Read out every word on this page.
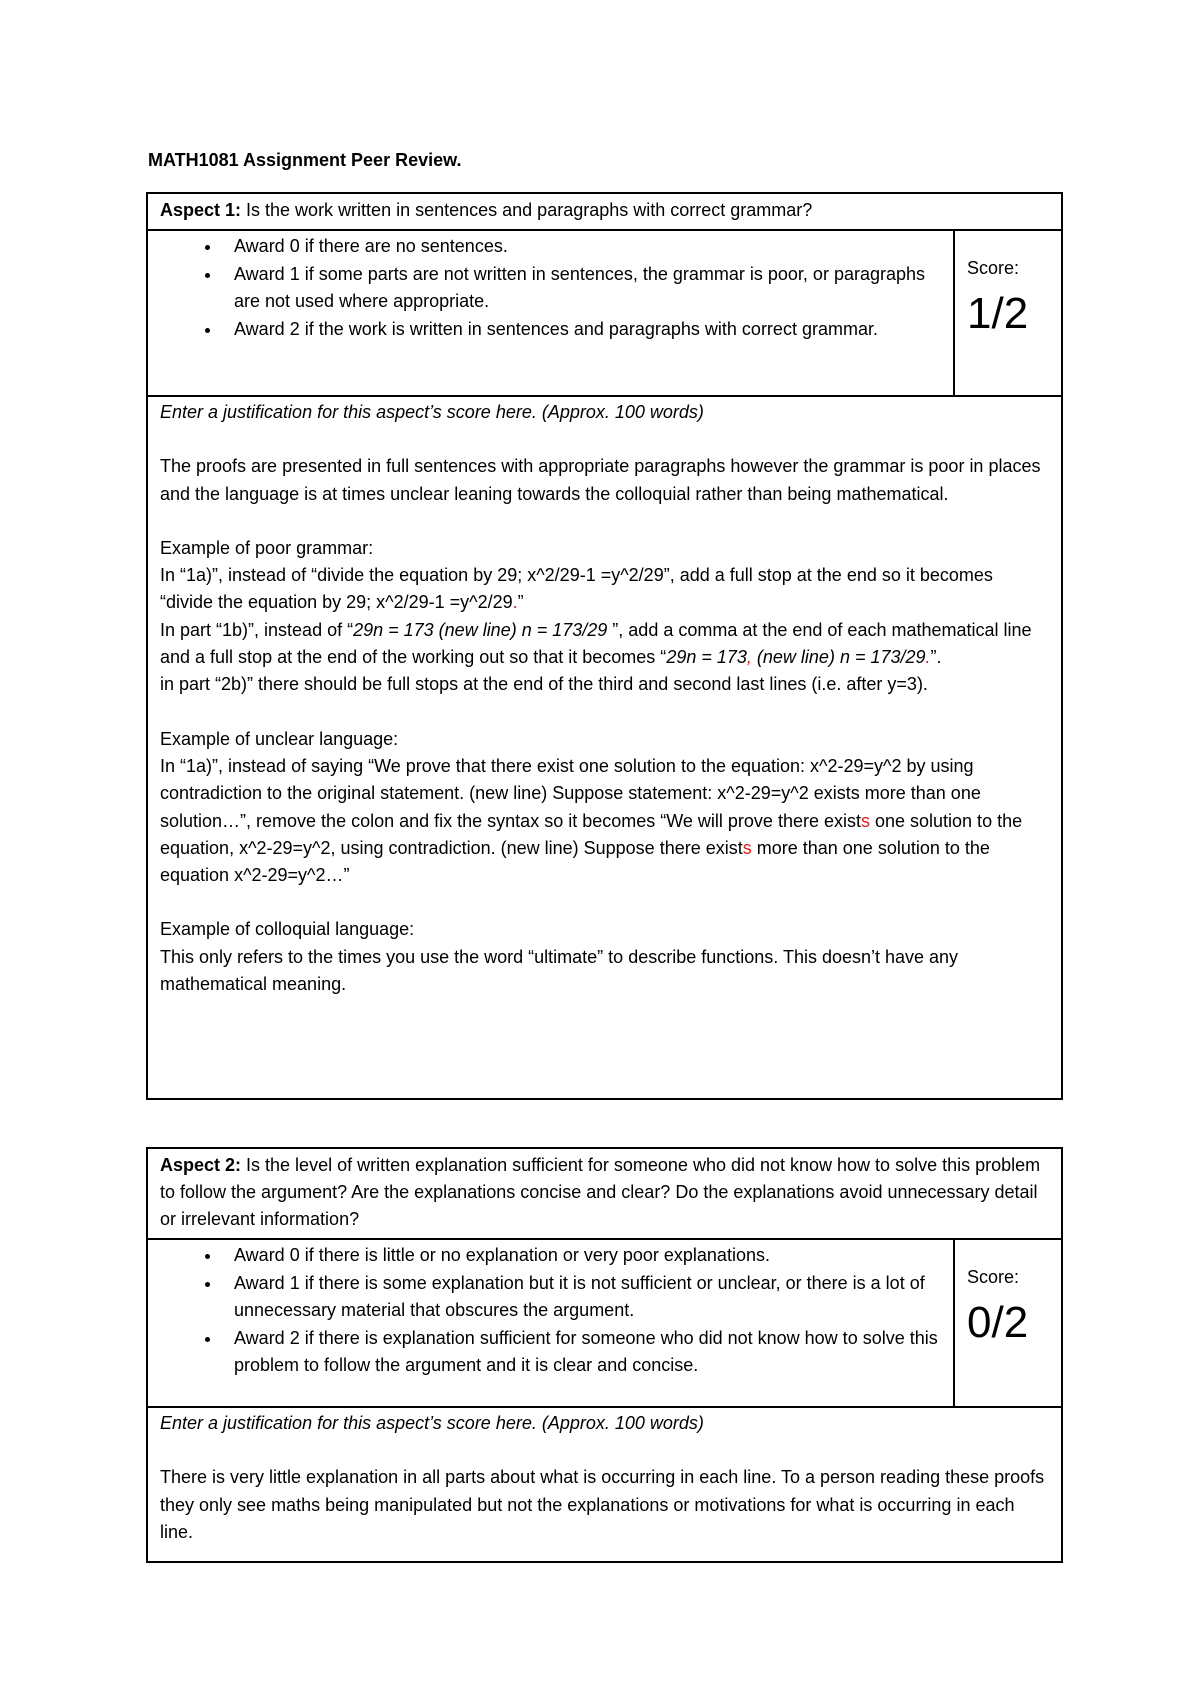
MATH1081 Assignment Peer Review.
Aspect 1: Is the work written in sentences and paragraphs with correct grammar?
• Award 0 if there are no sentences.
• Award 1 if some parts are not written in sentences, the grammar is poor, or paragraphs are not used where appropriate.
• Award 2 if the work is written in sentences and paragraphs with correct grammar.
Score:
1/2

Enter a justification for this aspect’s score here. (Approx. 100 words)

The proofs are presented in full sentences with appropriate paragraphs however the grammar is poor in places and the language is at times unclear leaning towards the colloquial rather than being mathematical.

Example of poor grammar:

In “1a)”, instead of “divide the equation by 29; x^2/29-1 =y^2/29”, add a full stop at the end so it becomes “divide the equation by 29; x^2/29-1 =y^2/29.”

In part “1b)”, instead of “29n = 173 (new line) n = 173/29 ”, add a comma at the end of each mathematical line and a full stop at the end of the working out so that it becomes “29n = 173, (new line) n = 173/29.”.

in part “2b)” there should be full stops at the end of the third and second last lines (i.e. after y=3).

Example of unclear language:

In “1a)”, instead of saying “We prove that there exist one solution to the equation: x^2-29=y^2 by using contradiction to the original statement. (new line) Suppose statement: x^2-29=y^2 exists more than one solution…”, remove the colon and fix the syntax so it becomes “We will prove there exists one solution to the equation, x^2-29=y^2, using contradiction. (new line) Suppose there exists more than one solution to the equation x^2-29=y^2…”

Example of colloquial language:

This only refers to the times you use the word “ultimate” to describe functions. This doesn’t have any mathematical meaning.

Aspect 2: Is the level of written explanation sufficient for someone who did not know how to solve this problem to follow the argument? Are the explanations concise and clear? Do the explanations avoid unnecessary detail or irrelevant information?
• Award 0 if there is little or no explanation or very poor explanations.
• Award 1 if there is some explanation but it is not sufficient or unclear, or there is a lot of unnecessary material that obscures the argument.
• Award 2 if there is explanation sufficient for someone who did not know how to solve this problem to follow the argument and it is clear and concise.
Score:
0/2

Enter a justification for this aspect’s score here. (Approx. 100 words)

There is very little explanation in all parts about what is occurring in each line. To a person reading these proofs they only see maths being manipulated but not the explanations or motivations for what is occurring in each line.
